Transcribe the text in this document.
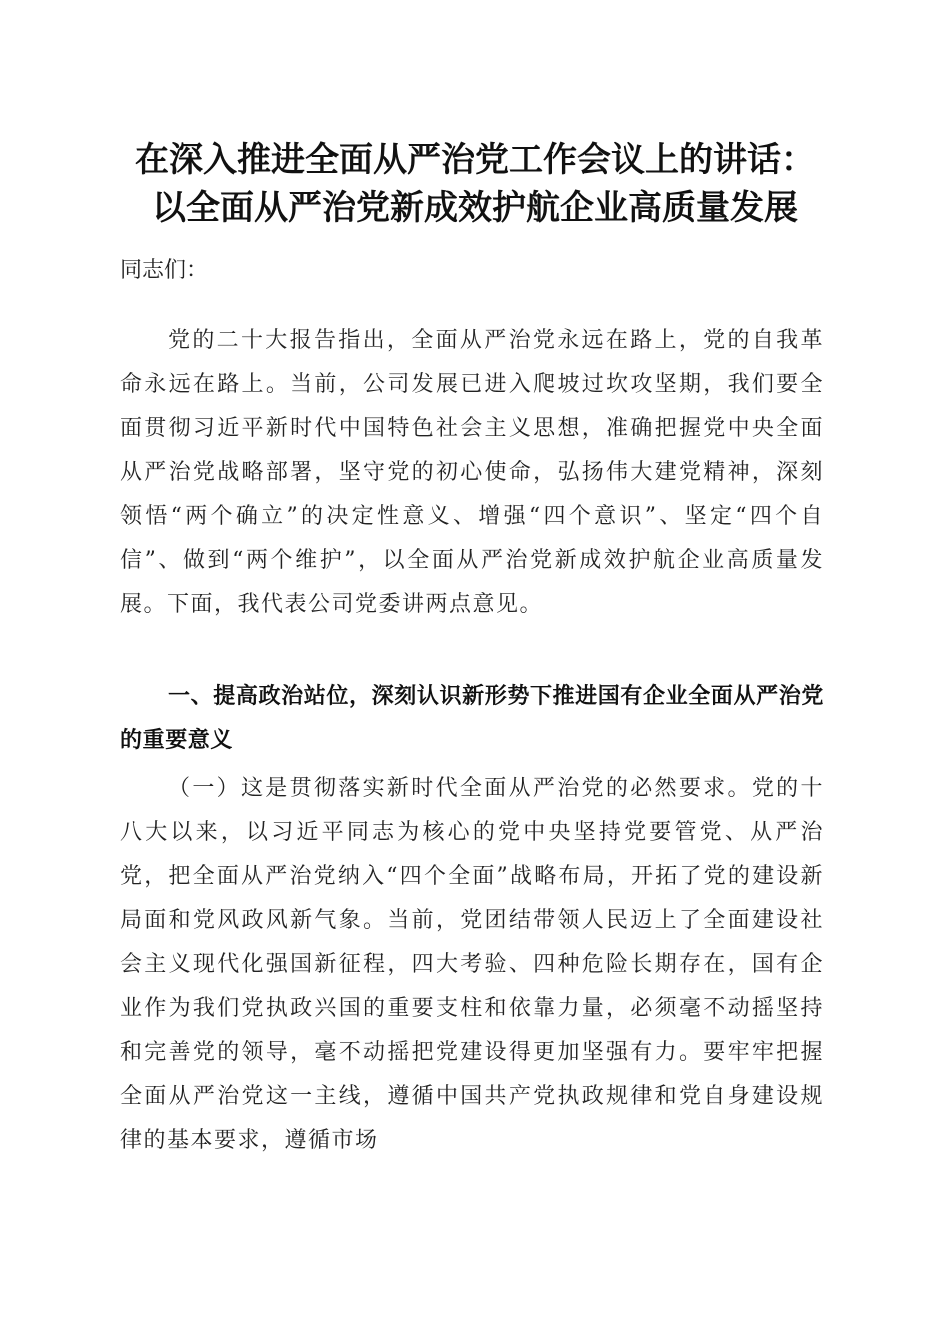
在深入推进全面从严治党工作会议上的讲话：
以全面从严治党新成效护航企业高质量发展

同志们：

党的二十大报告指出，全面从严治党永远在路上，党的自我革命永远在路上。当前，公司发展已进入爬坡过坎攻坚期，我们要全面贯彻习近平新时代中国特色社会主义思想，准确把握党中央全面从严治党战略部署，坚守党的初心使命，弘扬伟大建党精神，深刻领悟“两个确立”的决定性意义、增强“四个意识”、坚定“四个自信”、做到“两个维护”，以全面从严治党新成效护航企业高质量发展。下面，我代表公司党委讲两点意见。

一、提高政治站位，深刻认识新形势下推进国有企业全面从严治党的重要意义

（一）这是贯彻落实新时代全面从严治党的必然要求。党的十八大以来，以习近平同志为核心的党中央坚持党要管党、从严治党，把全面从严治党纳入“四个全面”战略布局，开拓了党的建设新局面和党风政风新气象。当前，党团结带领人民迈上了全面建设社会主义现代化强国新征程，四大考验、四种危险长期存在，国有企业作为我们党执政兴国的重要支柱和依靠力量，必须毫不动摇坚持和完善党的领导，毫不动摇把党建设得更加坚强有力。要牢牢把握全面从严治党这一主线，遵循中国共产党执政规律和党自身建设规律的基本要求，遵循市场
